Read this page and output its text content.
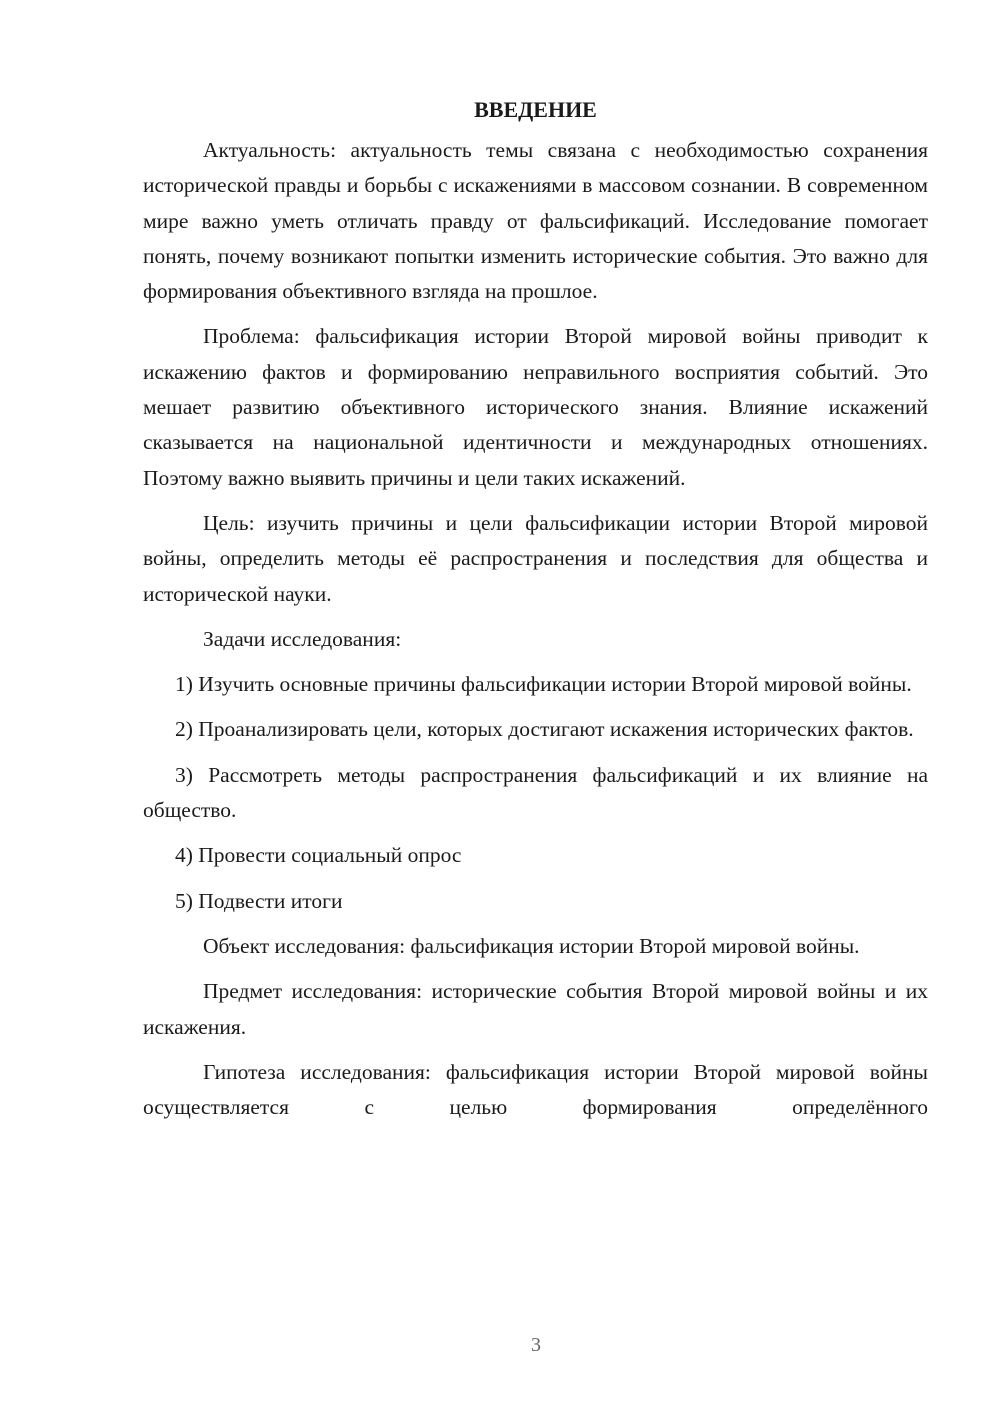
ВВЕДЕНИЕ

Актуальность: актуальность темы связана с необходимостью сохранения исторической правды и борьбы с искажениями в массовом сознании. В современном мире важно уметь отличать правду от фальсификаций. Исследование помогает понять, почему возникают попытки изменить исторические события. Это важно для формирования объективного взгляда на прошлое.

Проблема: фальсификация истории Второй мировой войны приводит к искажению фактов и формированию неправильного восприятия событий. Это мешает развитию объективного исторического знания. Влияние искажений сказывается на национальной идентичности и международных отношениях. Поэтому важно выявить причины и цели таких искажений.

Цель: изучить причины и цели фальсификации истории Второй мировой войны, определить методы её распространения и последствия для общества и исторической науки.

Задачи исследования:

1) Изучить основные причины фальсификации истории Второй мировой войны.

2) Проанализировать цели, которых достигают искажения исторических фактов.

3) Рассмотреть методы распространения фальсификаций и их влияние на общество.

4) Провести социальный опрос

5) Подвести итоги

Объект исследования: фальсификация истории Второй мировой войны.

Предмет исследования: исторические события Второй мировой войны и их искажения.

Гипотеза исследования: фальсификация истории Второй мировой войны осуществляется с целью формирования определённого

3
